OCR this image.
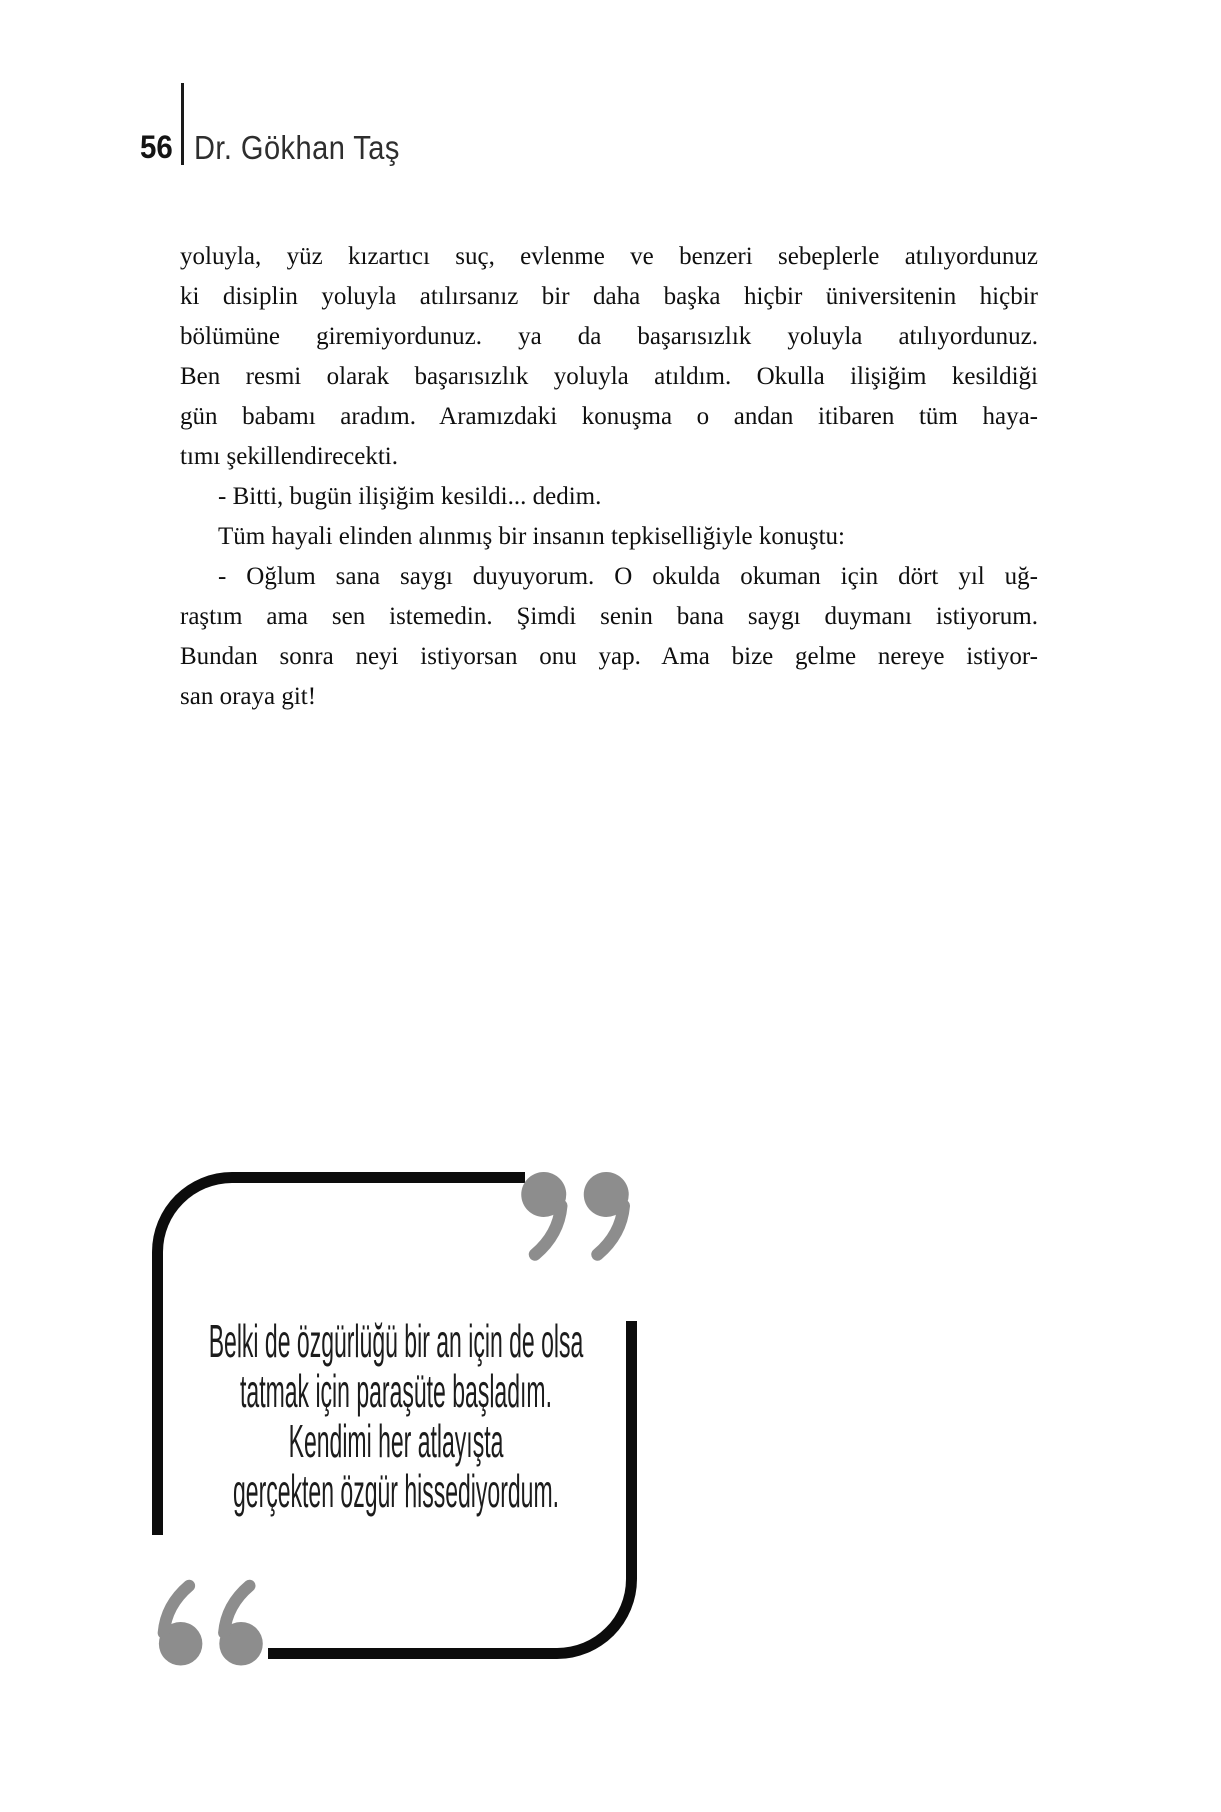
56 Dr. Gökhan Taş
yoluyla, yüz kızartıcı suç, evlenme ve benzeri sebeplerle atılıyordunuz
ki disiplin yoluyla atılırsanız bir daha başka hiçbir üniversitenin hiçbir
bölümüne giremiyordunuz. ya da başarısızlık yoluyla atılıyordunuz.
Ben resmi olarak başarısızlık yoluyla atıldım. Okulla ilişiğim kesildiği
gün babamı aradım. Aramızdaki konuşma o andan itibaren tüm haya-
tımı şekillendirecekti.
- Bitti, bugün ilişiğim kesildi... dedim.
Tüm hayali elinden alınmış bir insanın tepkiselliğiyle konuştu:
- Oğlum sana saygı duyuyorum. O okulda okuman için dört yıl uğ-
raştım ama sen istemedin. Şimdi senin bana saygı duymanı istiyorum.
Bundan sonra neyi istiyorsan onu yap. Ama bize gelme nereye istiyor-
san oraya git!
Belki de özgürlüğü bir an için de olsa
tatmak için paraşüte başladım.
Kendimi her atlayışta
gerçekten özgür hissediyordum.
